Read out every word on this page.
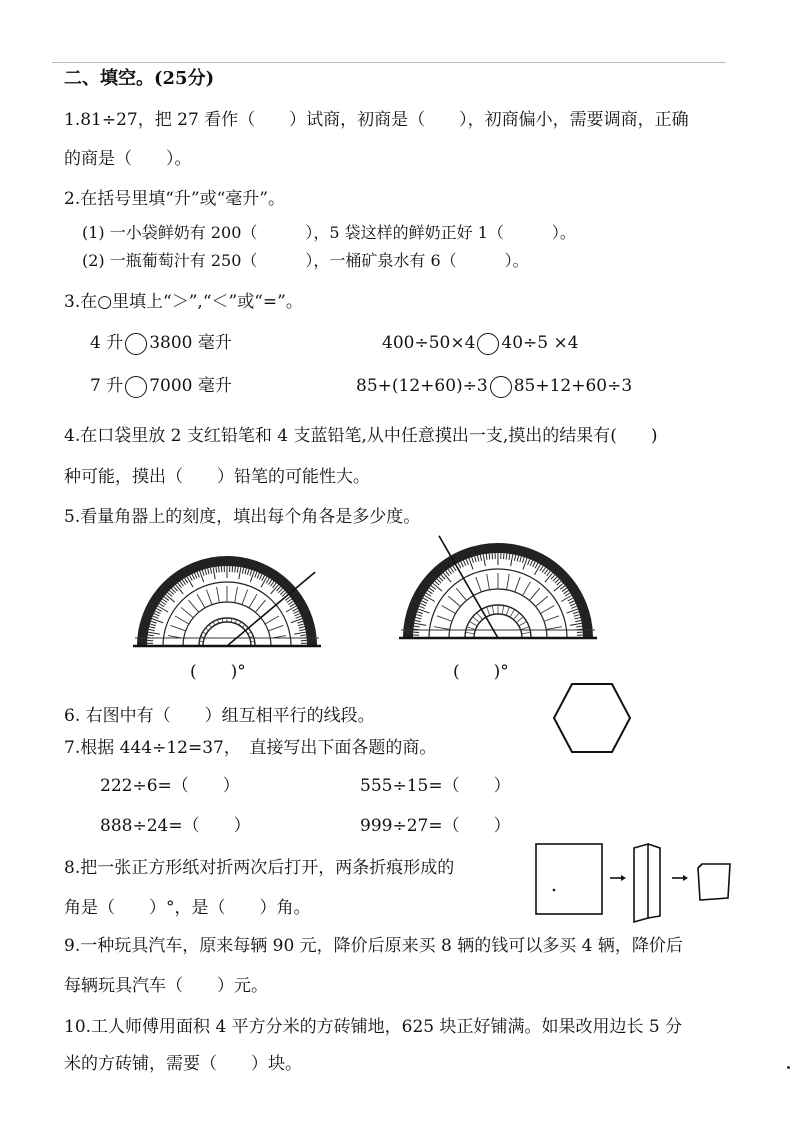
二、填空。(25分)
1.81÷27，把 27 看作（　　）试商，初商是（　　），初商偏小，需要调商，正确
的商是（　　）。
2.在括号里填“升”或“毫升”。
(1) 一小袋鲜奶有 200（　　　），5 袋这样的鲜奶正好 1（　　　）。
(2) 一瓶葡萄汁有 250（　　　），一桶矿泉水有 6（　　　）。
3.在○里填上“＞”,“＜”或“=”。
4 升 3800 毫升	400÷50×4 40÷5 ×4
7 升 7000 毫升	85+(12+60)÷3 85+12+60÷3
4.在口袋里放 2 支红铅笔和 4 支蓝铅笔,从中任意摸出一支,摸出的结果有(　　)
种可能，摸出（　　）铅笔的可能性大。
5.看量角器上的刻度，填出每个角各是多少度。
(　　)°	(　　)°
6. 右图中有（　　）组互相平行的线段。
7.根据 444÷12=37，　直接写出下面各题的商。
222÷6=（　　）	555÷15=（　　）
888÷24=（　　）	999÷27=（　　）
8.把一张正方形纸对折两次后打开，两条折痕形成的
角是（　　）°，是（　　）角。
9.一种玩具汽车，原来每辆 90 元，降价后原来买 8 辆的钱可以多买 4 辆，降价后
每辆玩具汽车（　　）元。
10.工人师傅用面积 4 平方分米的方砖铺地，625 块正好铺满。如果改用边长 5 分
米的方砖铺，需要（　　）块。
